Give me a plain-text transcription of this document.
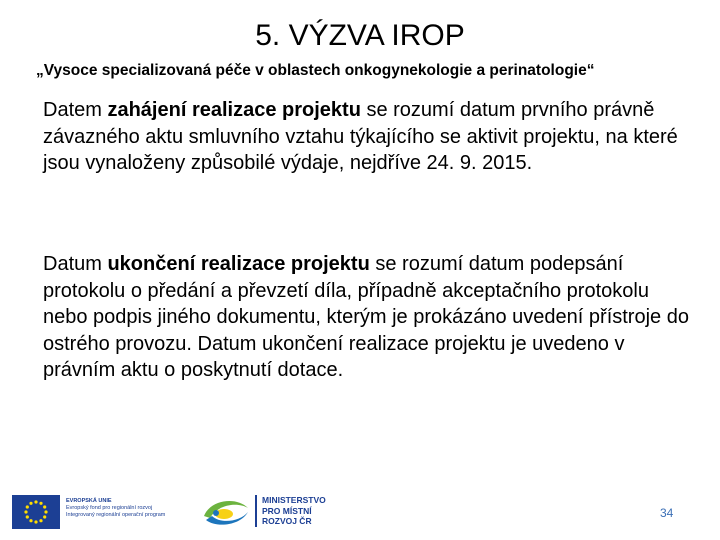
5. VÝZVA IROP
„Vysoce specializovaná péče v oblastech onkogynekologie a perinatologie“
Datem zahájení realizace projektu se rozumí datum prvního právně závazného aktu smluvního vztahu týkajícího se aktivit projektu, na které jsou vynaloženy způsobilé výdaje, nejdříve 24. 9. 2015.
Datum ukončení realizace projektu se rozumí datum podepsání protokolu o předání a převzetí díla, případně akceptačního protokolu nebo podpis jiného dokumentu, kterým je prokázáno uvedení přístroje do ostrého provozu. Datum ukončení realizace projektu je uvedeno v právním aktu o poskytnutí dotace.
EVROPSKÁ UNIE
Evropský fond pro regionální rozvoj
Integrovaný regionální operační program
MINISTERSTVO
PRO MÍSTNÍ
ROZVOJ ČR
34
